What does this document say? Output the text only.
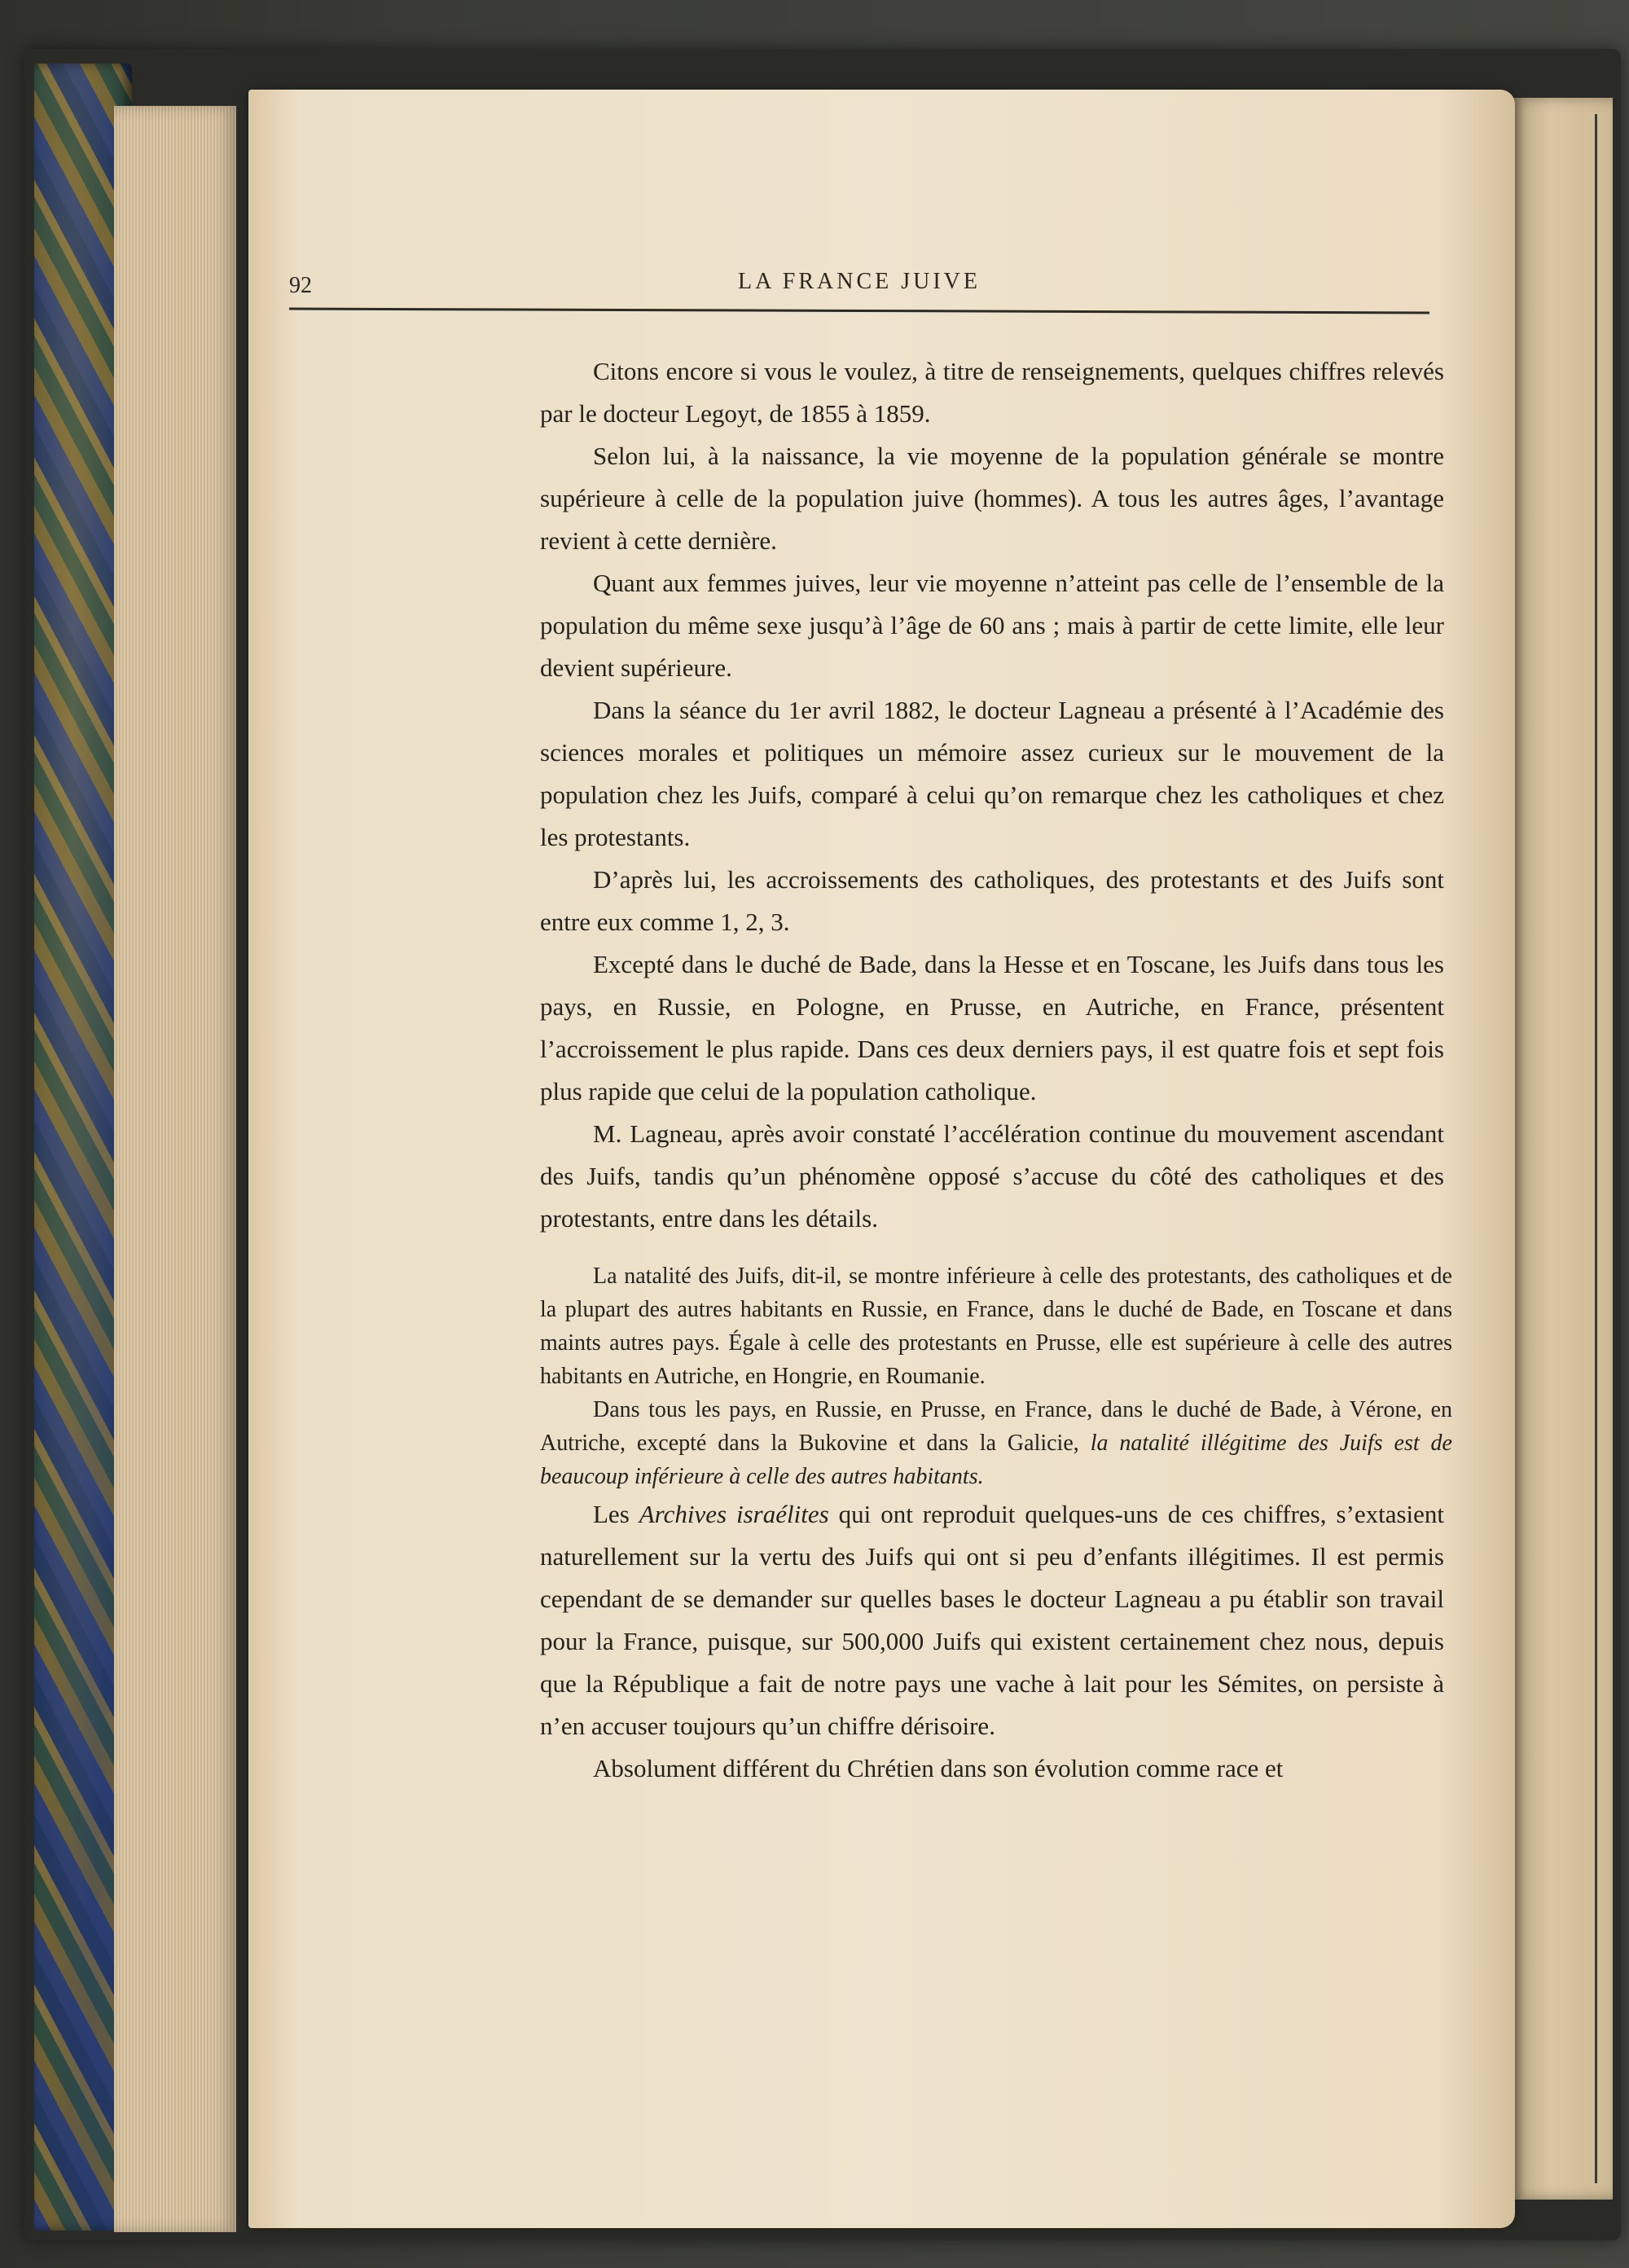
92	LA FRANCE JUIVE

Citons encore si vous le voulez, à titre de renseignements, quelques chiffres relevés par le docteur Legoyt, de 1855 à 1859.

Selon lui, à la naissance, la vie moyenne de la population générale se montre supérieure à celle de la population juive (hommes). A tous les autres âges, l’avantage revient à cette dernière.

Quant aux femmes juives, leur vie moyenne n’atteint pas celle de l’ensemble de la population du même sexe jusqu’à l’âge de 60 ans ; mais à partir de cette limite, elle leur devient supérieure.

Dans la séance du 1er avril 1882, le docteur Lagneau a présenté à l’Académie des sciences morales et politiques un mémoire assez curieux sur le mouvement de la population chez les Juifs, comparé à celui qu’on remarque chez les catholiques et chez les protestants.

D’après lui, les accroissements des catholiques, des protestants et des Juifs sont entre eux comme 1, 2, 3.

Excepté dans le duché de Bade, dans la Hesse et en Toscane, les Juifs dans tous les pays, en Russie, en Pologne, en Prusse, en Autriche, en France, présentent l’accroissement le plus rapide. Dans ces deux derniers pays, il est quatre fois et sept fois plus rapide que celui de la population catholique.

M. Lagneau, après avoir constaté l’accélération continue du mouvement ascendant des Juifs, tandis qu’un phénomène opposé s’accuse du côté des catholiques et des protestants, entre dans les détails.

La natalité des Juifs, dit-il, se montre inférieure à celle des protestants, des catholiques et de la plupart des autres habitants en Russie, en France, dans le duché de Bade, en Toscane et dans maints autres pays. Égale à celle des protestants en Prusse, elle est supérieure à celle des autres habitants en Autriche, en Hongrie, en Roumanie.

Dans tous les pays, en Russie, en Prusse, en France, dans le duché de Bade, à Vérone, en Autriche, excepté dans la Bukovine et dans la Galicie, la natalité illégitime des Juifs est de beaucoup inférieure à celle des autres habitants.

Les Archives israélites qui ont reproduit quelques-uns de ces chiffres, s’extasient naturellement sur la vertu des Juifs qui ont si peu d’enfants illégitimes. Il est permis cependant de se demander sur quelles bases le docteur Lagneau a pu établir son travail pour la France, puisque, sur 500,000 Juifs qui existent certainement chez nous, depuis que la République a fait de notre pays une vache à lait pour les Sémites, on persiste à n’en accuser toujours qu’un chiffre dérisoire.

Absolument différent du Chrétien dans son évolution comme race et
